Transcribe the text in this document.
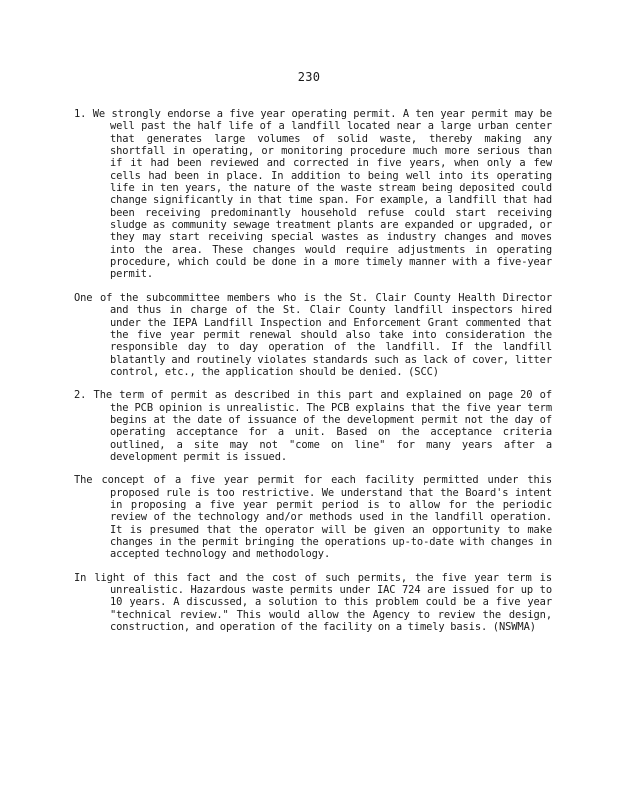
230

1. We strongly endorse a five year operating permit. A ten year permit may be well past the half life of a landfill located near a large urban center that generates large volumes of solid waste, thereby making any shortfall in operating, or monitoring procedure much more serious than if it had been reviewed and corrected in five years, when only a few cells had been in place. In addition to being well into its operating life in ten years, the nature of the waste stream being deposited could change significantly in that time span. For example, a landfill that had been receiving predominantly household refuse could start receiving sludge as community sewage treatment plants are expanded or upgraded, or they may start receiving special wastes as industry changes and moves into the area. These changes would require adjustments in operating procedure, which could be done in a more timely manner with a five-year permit.

One of the subcommittee members who is the St. Clair County Health Director and thus in charge of the St. Clair County landfill inspectors hired under the IEPA Landfill Inspection and Enforcement Grant commented that the five year permit renewal should also take into consideration the responsible day to day operation of the landfill. If the landfill blatantly and routinely violates standards such as lack of cover, litter control, etc., the application should be denied. (SCC)

2. The term of permit as described in this part and explained on page 20 of the PCB opinion is unrealistic. The PCB explains that the five year term begins at the date of issuance of the development permit not the day of operating acceptance for a unit. Based on the acceptance criteria outlined, a site may not "come on line" for many years after a development permit is issued.

The concept of a five year permit for each facility permitted under this proposed rule is too restrictive. We understand that the Board's intent in proposing a five year permit period is to allow for the periodic review of the technology and/or methods used in the landfill operation. It is presumed that the operator will be given an opportunity to make changes in the permit bringing the operations up-to-date with changes in accepted technology and methodology.

In light of this fact and the cost of such permits, the five year term is unrealistic. Hazardous waste permits under IAC 724 are issued for up to 10 years. A discussed, a solution to this problem could be a five year "technical review." This would allow the Agency to review the design, construction, and operation of the facility on a timely basis. (NSWMA)
